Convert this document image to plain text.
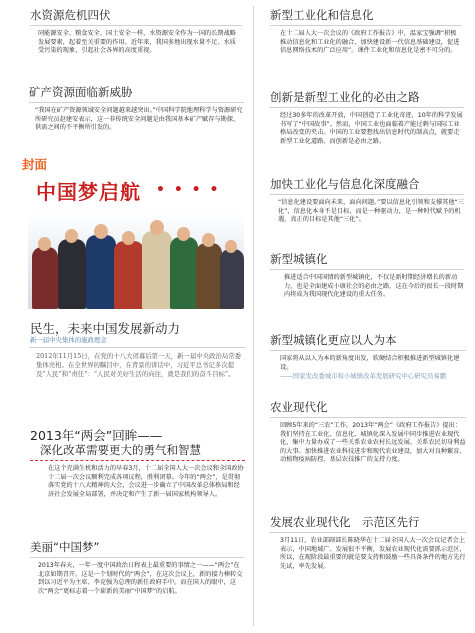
水资源危机四伏
同能源安全、粮食安全、国土安全一样，水资源安全作为一国的长期战略发展要素，起着至关重要的作用。近年来，我国多地出现水量不足、水质受污染的现象，引起社会各界的高度重视。
矿产资源面临新威胁
“我国在矿产资源领域安全问题越来越突出。”中国科学院地理科学与资源研究所研究员赵建安表示，这一非传统安全问题是由我国基本矿产赋存与勘探、供需之间的不平衡所引发的。
封面
中国梦启航 • • • •
民生，未来中国发展新动力
新一届中央集体的施政理念
2012年11月15日，在党的十八大闭幕后第一天，新一届中央政治局常委集体亮相。在全世界的瞩目中，在背景的讲话中，习近平总书记多次提及“人民”和“责任”：“人民对美好生活的向往，就是我们的奋斗目标”。
2013年“两会”回眸——
深化改革需要更大的勇气和智慧
在这个充满生机和活力的早春3月，十二届全国人大一次会议和全国政协十二届一次会议顺利完成各项议程，胜利闭幕。今年的“两会”，是贯彻落实党的十八大精神的大会，会议进一步确立了中国改革总体格局和经济社会发展全局部署，并决定和产生了新一届国家机构领导人。
美丽“中国梦”
2013年春天，一年一度中国政治日程表上最重要的事情之一——“两会”在北京如期召开。这是一个划时代的“两会”，在这次会议上，新的接力棒转交到以习近平为主席、李克强为总理的新任政府手中。而在国人的眼中，这次“两会”更标志着一个崭新的美丽“中国梦”的启航。
新型工业化和信息化
在十二届人大一次会议的《政府工作报告》中，温家宝强调“积极推动信息化和工业化的融合，加快建设新一代信息基础建设，促进信息网络技术的广泛应用”。课件工业化和信息化是密不可分的。
创新是新型工业化的必由之路
经过30多年的改革开放，中国创造了工业化奇迹，10年的科学发展书写了“中国故事”。然而，中国工业也面临着产能过剩与国际工业格局改变的夹击。中国的工业要想找出信息时代的制高点，就要走新型工业化道路，而创新是必由之路。
加快工业化与信息化深度融合
“信息化建设要面向未来，面向问题。”要以信息化引领和支撑其他“三化”，信息化本身不是目标，而是一种驱动力，是一种时代赋予的机遇，真正的目标是其他“三化”。
新型城镇化
推进适合中国国情的新型城镇化，不仅是新时期经济增长的新动力，也是全面建成小康社会的必由之路，这在今后的很长一段时期内将成为我国现代化建设的重大任务。
新型城镇化更应以人为本
国家将从以人为本的新角度出发，软硬结合积极推进新型城镇化建设。
——国家发改委城市和小城镇改革发展研究中心研究员易鹏
农业现代化
回顾5年来的“三农”工作，2013年“两会”《政府工作报告》提出：我们坚持在工业化、信息化、城镇化深入发展中同步推进农业现代化，集中力量办成了一些关系农业农村长远发展、关系农民切身利益的大事。加快推进农业科技进步和现代农业建设，加大对良种繁育、动植物疫病防控、基层农技推广的支持力度。
发展农业现代化　示范区先行
3月11日，农业部副部长陈晓华在十二届全国人大一次会议记者会上表示，中国地域广、发展很不平衡，发展农业现代化需要抓示范区，所以，在现阶段最重要的就是要支持和鼓励一些具备条件的地方先行先试，率先发展。
